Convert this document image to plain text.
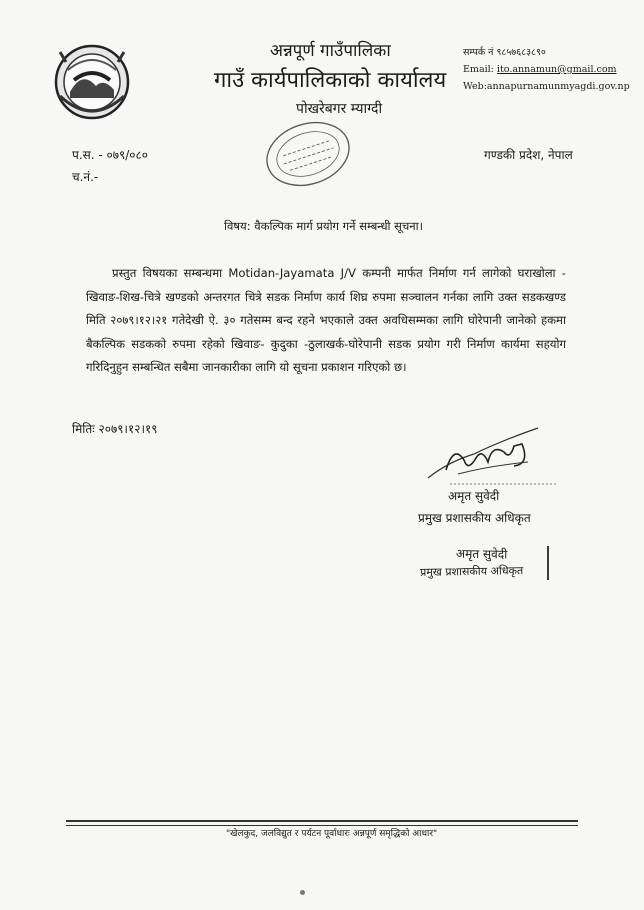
अन्नपूर्ण गाउँपालिका
गाउँ कार्यपालिकाको कार्यालय
पोखरेबगर म्याग्दी
सम्पर्क नं ९८५७६८३८९०
Email: ito.annamun@gmail.com
Web:annapurnamunmyagdi.gov.np
प.स. - ०७९/०८०
च.नं.-
गण्डकी प्रदेश, नेपाल
विषय: वैकल्पिक मार्ग प्रयोग गर्ने सम्बन्धी सूचना।
प्रस्तुत विषयका सम्बन्धमा Motidan-Jayamata J/V कम्पनी मार्फत निर्माण गर्न लागेको घराखोला - खिवाङ-शिख-चित्रे खण्डको अन्तरगत चित्रे सडक निर्माण कार्य शिघ्र रुपमा सञ्चालन गर्नका लागि उक्त सडकखण्ड मिति २०७९।१२।२१ गतेदेखी ऐ. ३० गतेसम्म बन्द रहने भएकाले उक्त अवधिसम्मका लागि घोरेपानी जानेको हकमा बैकल्पिक सडकको रुपमा रहेको खिवाङ- कुदुका -ठुलाखर्क-घोरेपानी सडक प्रयोग गरी निर्माण कार्यमा सहयोग गरिदिनुहुन सम्बन्धित सबैमा जानकारीका लागि यो सूचना प्रकाशन गरिएको छ।
मितिः २०७९।१२।१९
अमृत सुवेदी
प्रमुख प्रशासकीय अधिकृत
अमृत सुवेदी
प्रमुख प्रशासकीय अधिकृत
"खेलकुद, जलविद्युत र पर्यटन पूर्वाधारः अन्नपूर्ण समृद्धिको आधार"
